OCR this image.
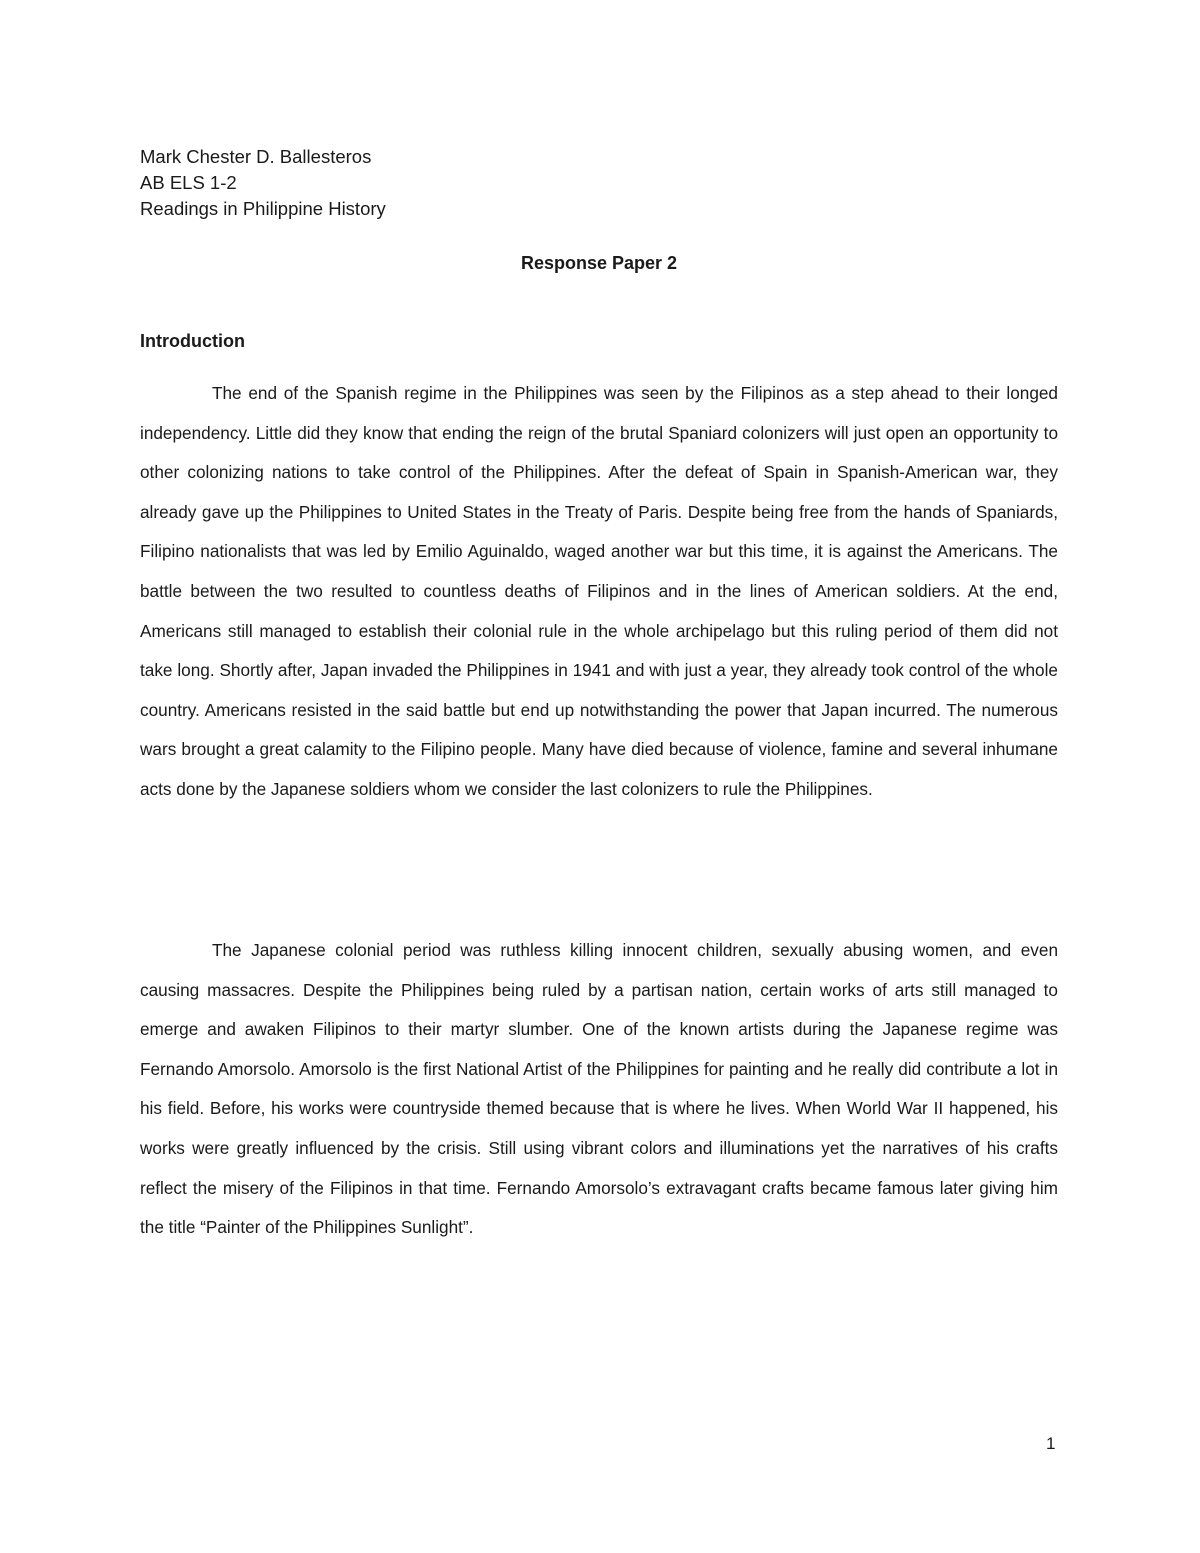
Mark Chester D. Ballesteros

AB ELS 1-2

Readings in Philippine History

Response Paper 2
Introduction

The end of the Spanish regime in the Philippines was seen by the Filipinos as a step ahead to their longed independency. Little did they know that ending the reign of the brutal Spaniard colonizers will just open an opportunity to other colonizing nations to take control of the Philippines. After the defeat of Spain in Spanish-American war, they already gave up the Philippines to United States in the Treaty of Paris. Despite being free from the hands of Spaniards, Filipino nationalists that was led by Emilio Aguinaldo, waged another war but this time, it is against the Americans. The battle between the two resulted to countless deaths of Filipinos and in the lines of American soldiers. At the end, Americans still managed to establish their colonial rule in the whole archipelago but this ruling period of them did not take long. Shortly after, Japan invaded the Philippines in 1941 and with just a year, they already took control of the whole country. Americans resisted in the said battle but end up notwithstanding the power that Japan incurred. The numerous wars brought a great calamity to the Filipino people. Many have died because of violence, famine and several inhumane acts done by the Japanese soldiers whom we consider the last colonizers to rule the Philippines.

The Japanese colonial period was ruthless killing innocent children, sexually abusing women, and even causing massacres. Despite the Philippines being ruled by a partisan nation, certain works of arts still managed to emerge and awaken Filipinos to their martyr slumber. One of the known artists during the Japanese regime was Fernando Amorsolo. Amorsolo is the first National Artist of the Philippines for painting and he really did contribute a lot in his field. Before, his works were countryside themed because that is where he lives. When World War II happened, his works were greatly influenced by the crisis. Still using vibrant colors and illuminations yet the narratives of his crafts reflect the misery of the Filipinos in that time. Fernando Amorsolo’s extravagant crafts became famous later giving him the title “Painter of the Philippines Sunlight”.

1
